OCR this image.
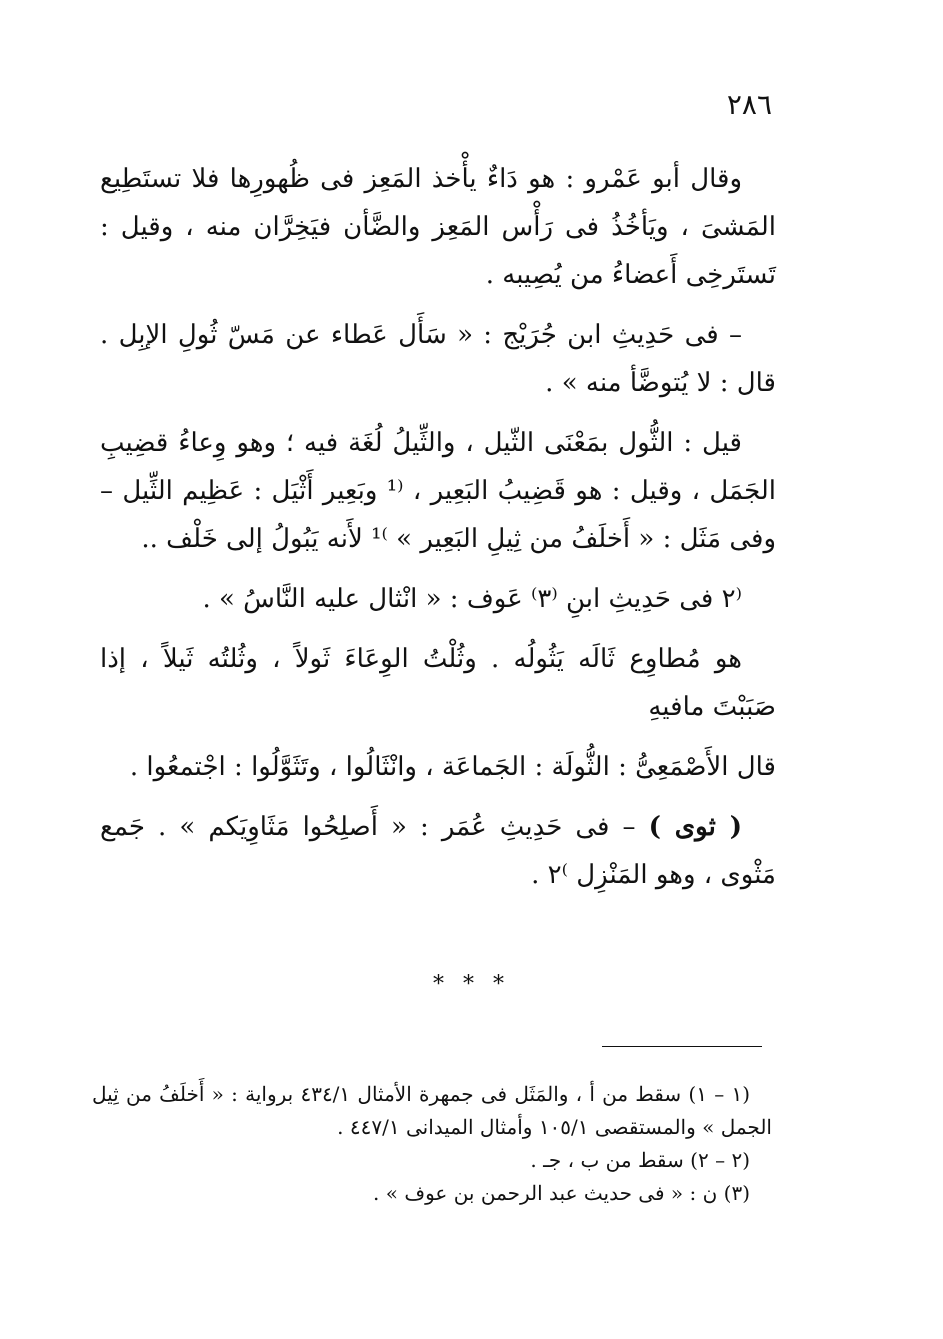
٢٨٦

وقال أبو عَمْرو : هو دَاءٌ يأْخذ المَعِز فى ظُهورِها فلا تستَطِيع المَشىَ ، ويَأخُذُ فى رَأْس المَعِز والضَّأن فيَخِرَّان منه ، وقيل : تَستَرخِى أَعضاءُ من يُصِيبه .

– فى حَدِيثِ ابن جُرَيْج : « سَأَل عَطاء عن مَسّ ثُولِ الإبِل . قال : لا يُتوضَّأ منه » .

قيل : الثُّول بمَعْنَى الثّيل ، والثِّيلُ لُغَة فيه ؛ وهو وِعاءُ قضِيبِ الجَمَل ، وقيل : هو قَضِيبُ البَعِير ، ⁽¹ وبَعِير أَثْيَل : عَظِيم الثِّيل – وفى مَثَل : « أَخلَفُ من ثِيلِ البَعِير » ⁾¹ لأَنه يَبُولُ إلى خَلْف ..

⁽٢ فى حَدِيثِ ابنِ ⁽٣⁾ عَوف : « انْثال عليه النَّاسُ » .

هو مُطاوِع ثَالَه يَثُولُه . وثُلْتُ الوِعَاءَ ثَولاً ، وثُلتُه ثَيلاً ، إذا صَبَبْتَ مافيهِ

قال الأَصْمَعِىُّ : الثُّولَة : الجَماعَة ، وانْثَالُوا ، وتَثَوَّلُوا : اجْتمعُوا .

( ثوى ) – فى حَدِيثِ عُمَر : « أَصلِحُوا مَثَاوِيَكم » . جَمع مَثْوى ، وهو المَنْزِل ⁾٢ .

* * *

(١ – ١) سقط من أ ، والمَثَل فى جمهرة الأمثال ٤٣٤/١ برواية : « أَخلَفُ من ثِيل الجمل » والمستقصى ١٠٥/١ وأمثال الميدانى ٤٤٧/١ .

(٢ – ٢) سقط من ب ، جـ .

(٣) ن : « فى حديث عبد الرحمن بن عوف » .
